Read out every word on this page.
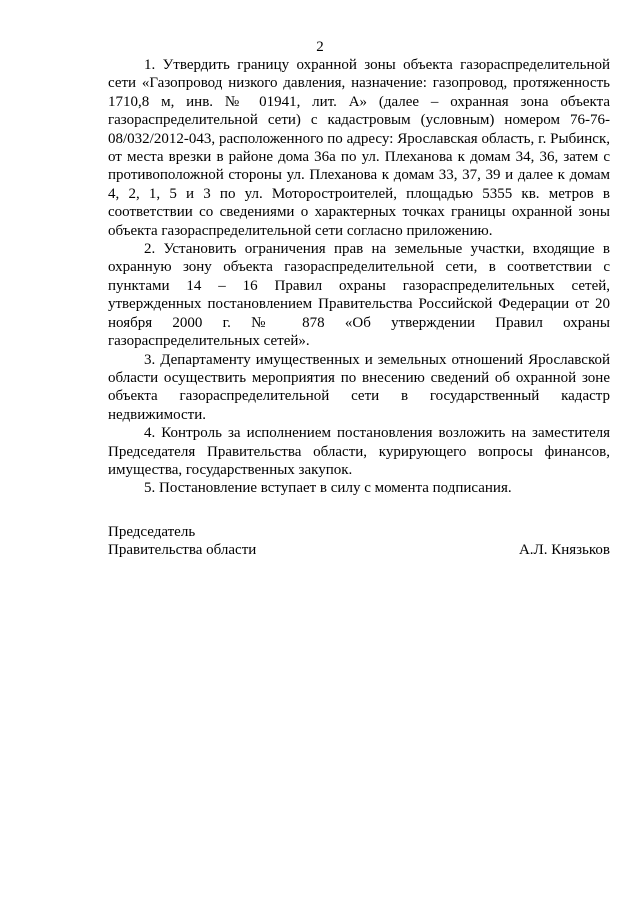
2

1. Утвердить границу охранной зоны объекта газораспределительной сети «Газопровод низкого давления, назначение: газопровод, протяженность 1710,8 м, инв. № 01941, лит. А» (далее – охранная зона объекта газораспределительной сети) с кадастровым (условным) номером 76-76-08/032/2012-043, расположенного по адресу: Ярославская область, г. Рыбинск, от места врезки в районе дома 36а по ул. Плеханова к домам 34, 36, затем с противоположной стороны ул. Плеханова к домам 33, 37, 39 и далее к домам 4, 2, 1, 5 и 3 по ул. Моторостроителей, площадью 5355 кв. метров в соответствии со сведениями о характерных точках границы охранной зоны объекта газораспределительной сети согласно приложению.

2. Установить ограничения прав на земельные участки, входящие в охранную зону объекта газораспределительной сети, в соответствии с пунктами 14 – 16 Правил охраны газораспределительных сетей, утвержденных постановлением Правительства Российской Федерации от 20 ноября 2000 г. № 878 «Об утверждении Правил охраны газораспределительных сетей».

3. Департаменту имущественных и земельных отношений Ярославской области осуществить мероприятия по внесению сведений об охранной зоне объекта газораспределительной сети в государственный кадастр недвижимости.

4. Контроль за исполнением постановления возложить на заместителя Председателя Правительства области, курирующего вопросы финансов, имущества, государственных закупок.

5. Постановление вступает в силу с момента подписания.

Председатель
Правительства области	А.Л. Князьков
